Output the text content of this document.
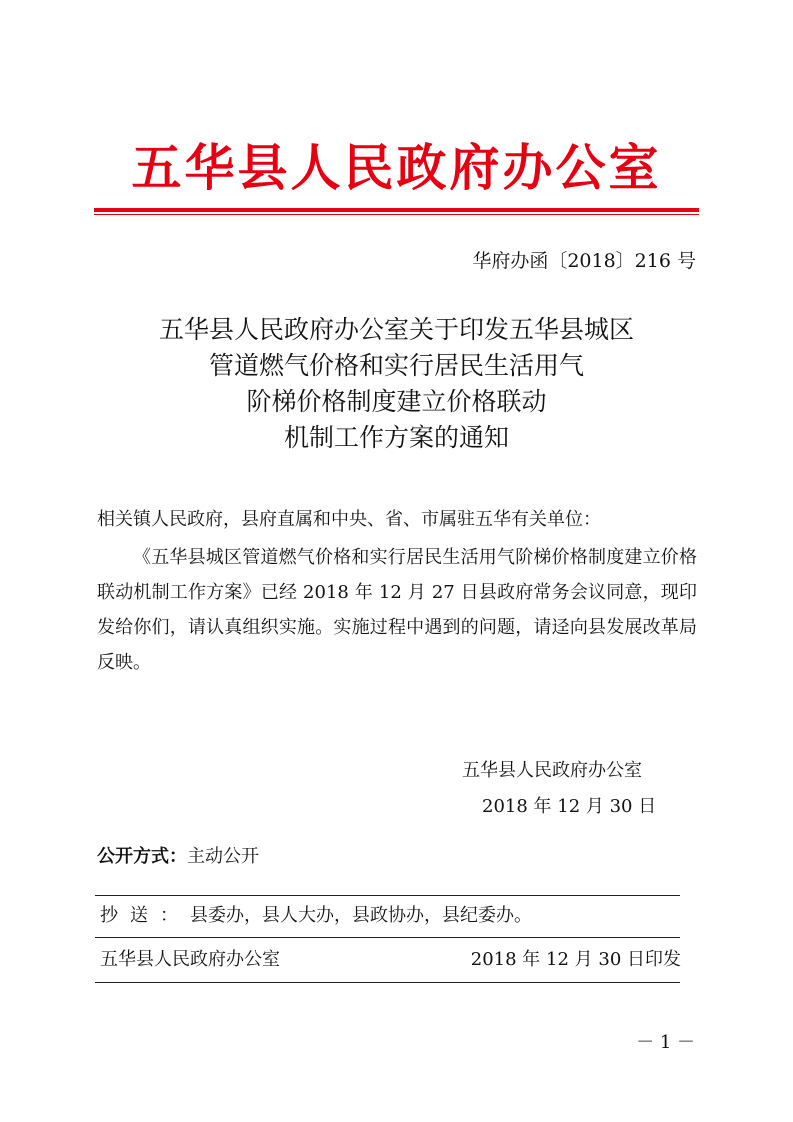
五华县人民政府办公室
华府办函〔2018〕216 号
五华县人民政府办公室关于印发五华县城区
管道燃气价格和实行居民生活用气
阶梯价格制度建立价格联动
机制工作方案的通知
相关镇人民政府，县府直属和中央、省、市属驻五华有关单位：

《五华县城区管道燃气价格和实行居民生活用气阶梯价格制度建立价格联动机制工作方案》已经 2018 年 12 月 27 日县政府常务会议同意，现印发给你们，请认真组织实施。实施过程中遇到的问题，请迳向县发展改革局反映。

五华县人民政府办公室
2018 年 12 月 30 日
公开方式：主动公开
抄送：县委办，县人大办，县政协办，县纪委办。
五华县人民政府办公室	2018 年 12 月 30 日印发
－ 1 －
